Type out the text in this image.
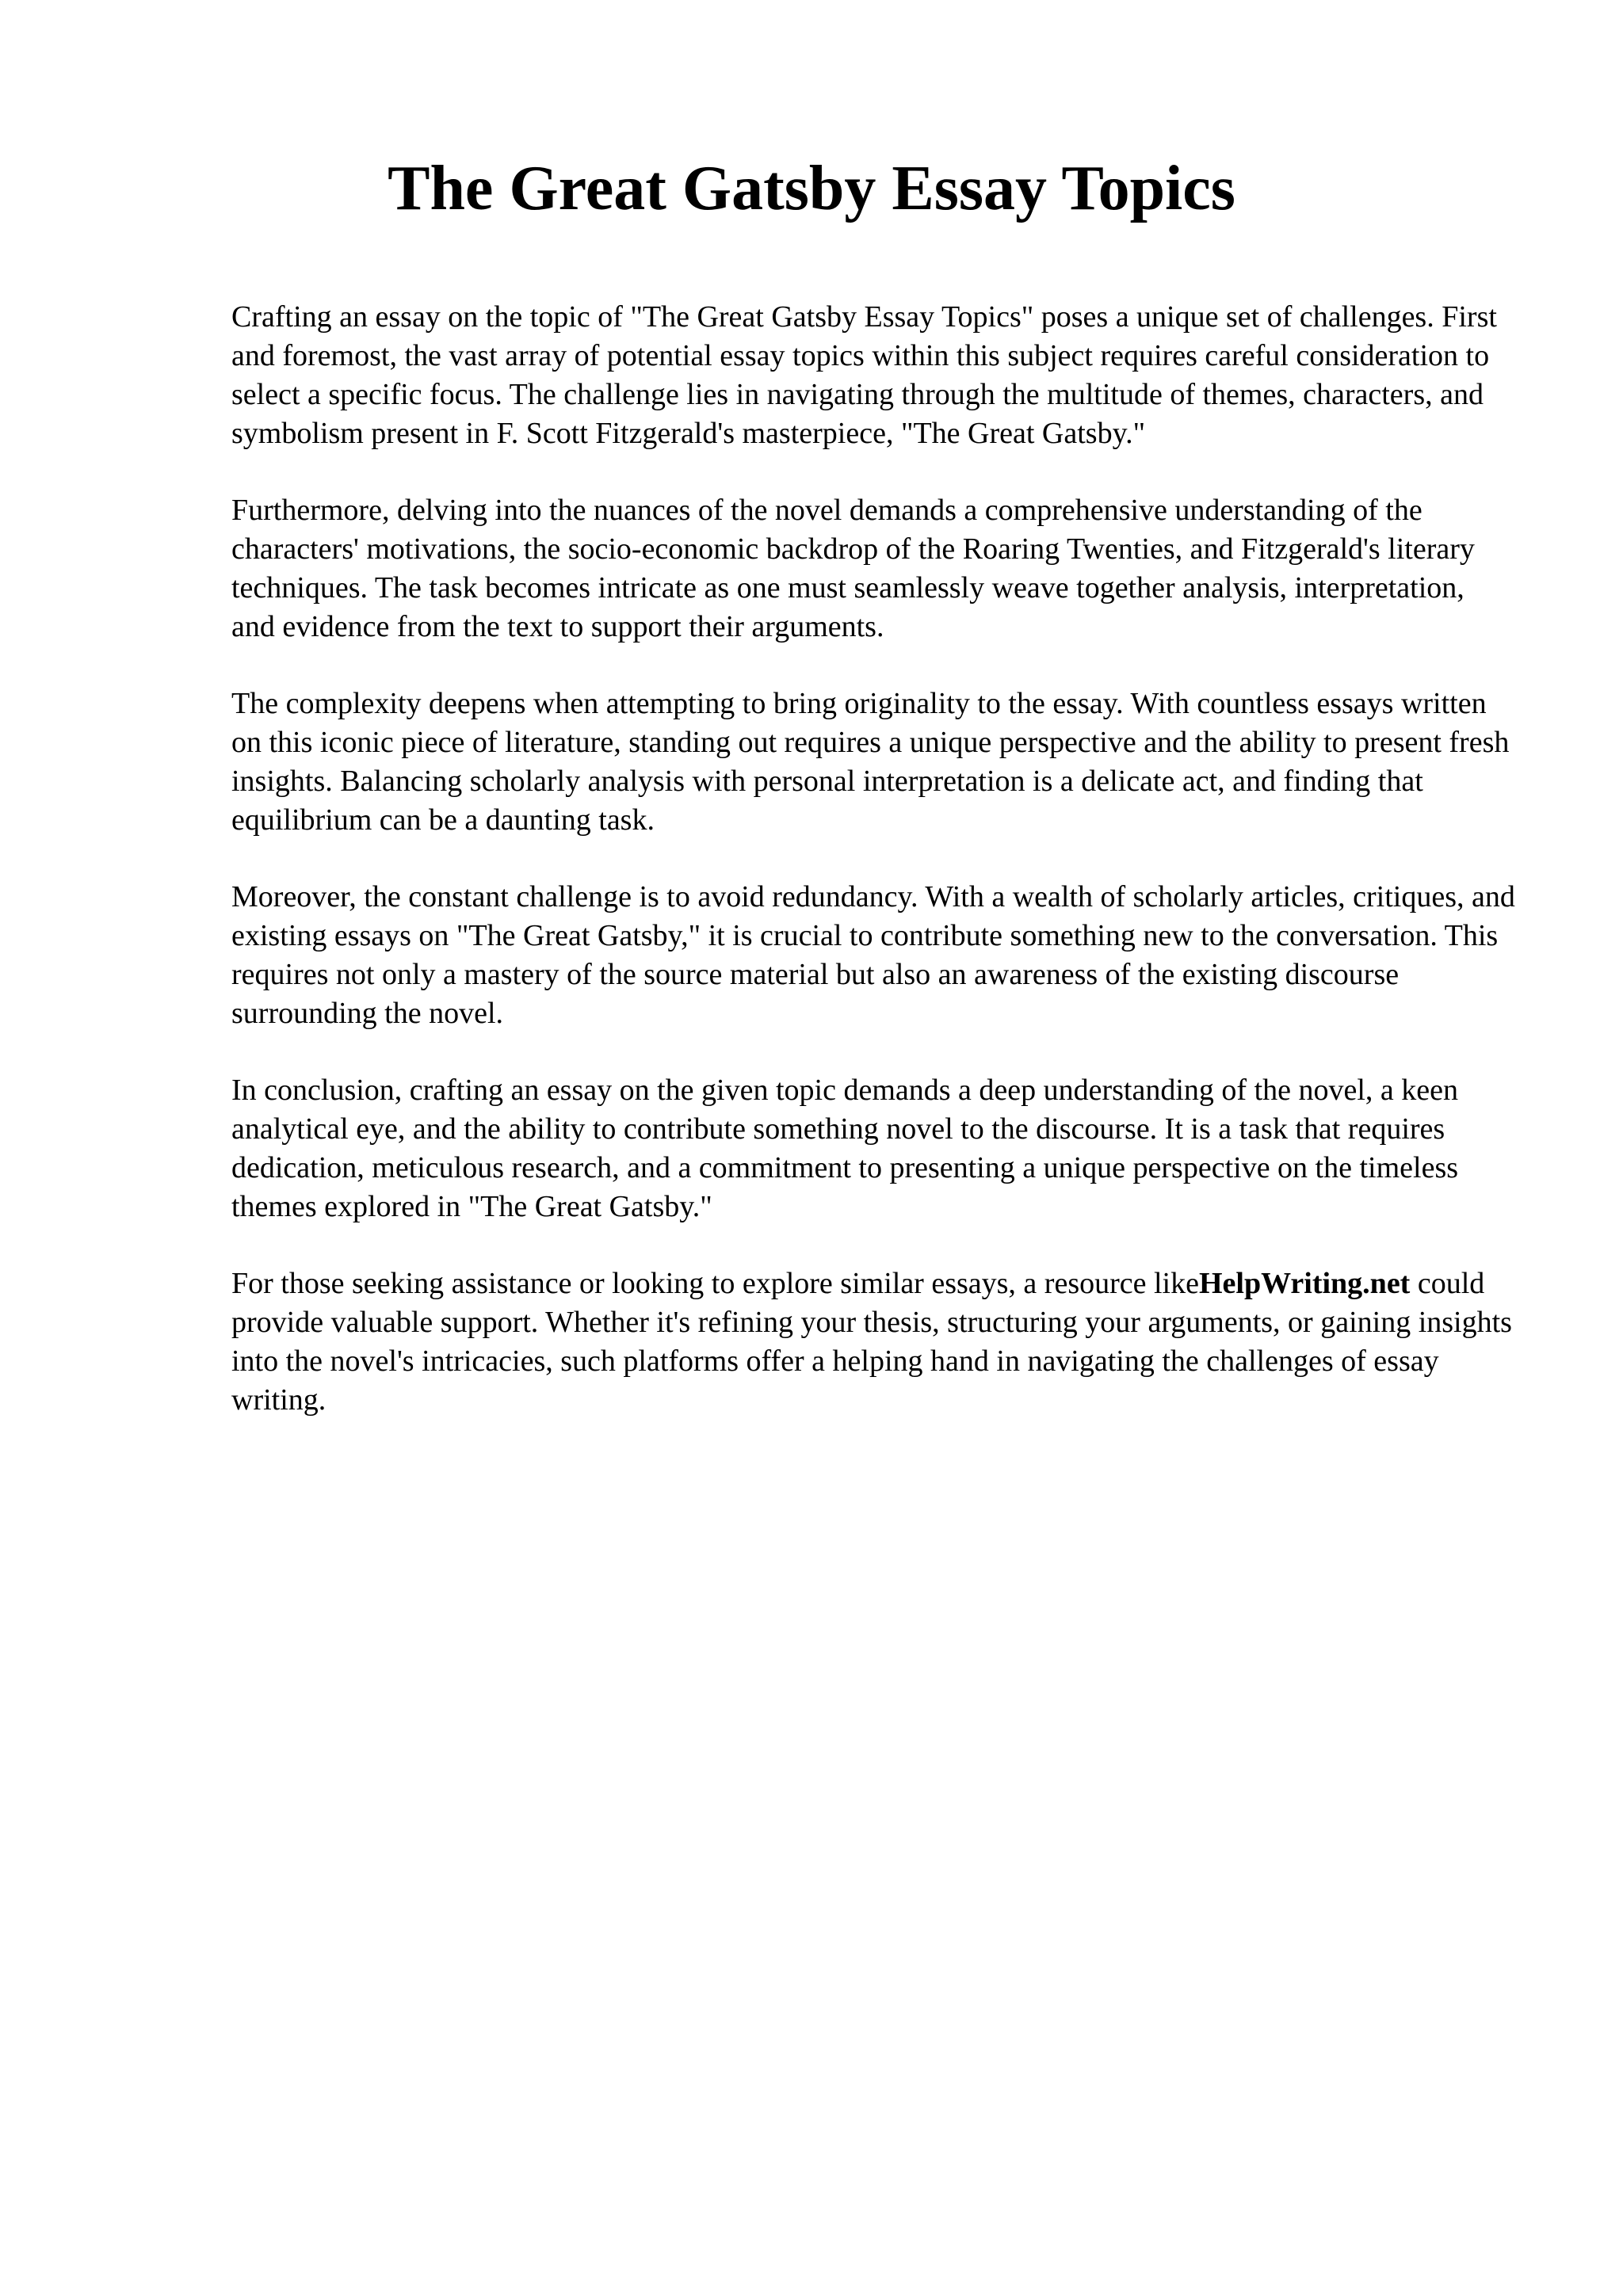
The Great Gatsby Essay Topics

Crafting an essay on the topic of "The Great Gatsby Essay Topics" poses a unique set of challenges. First and foremost, the vast array of potential essay topics within this subject requires careful consideration to select a specific focus. The challenge lies in navigating through the multitude of themes, characters, and symbolism present in F. Scott Fitzgerald's masterpiece, "The Great Gatsby."

Furthermore, delving into the nuances of the novel demands a comprehensive understanding of the characters' motivations, the socio-economic backdrop of the Roaring Twenties, and Fitzgerald's literary techniques. The task becomes intricate as one must seamlessly weave together analysis, interpretation, and evidence from the text to support their arguments.

The complexity deepens when attempting to bring originality to the essay. With countless essays written on this iconic piece of literature, standing out requires a unique perspective and the ability to present fresh insights. Balancing scholarly analysis with personal interpretation is a delicate act, and finding that equilibrium can be a daunting task.

Moreover, the constant challenge is to avoid redundancy. With a wealth of scholarly articles, critiques, and existing essays on "The Great Gatsby," it is crucial to contribute something new to the conversation. This requires not only a mastery of the source material but also an awareness of the existing discourse surrounding the novel.

In conclusion, crafting an essay on the given topic demands a deep understanding of the novel, a keen analytical eye, and the ability to contribute something novel to the discourse. It is a task that requires dedication, meticulous research, and a commitment to presenting a unique perspective on the timeless themes explored in "The Great Gatsby."

For those seeking assistance or looking to explore similar essays, a resource likeHelpWriting.net could provide valuable support. Whether it's refining your thesis, structuring your arguments, or gaining insights into the novel's intricacies, such platforms offer a helping hand in navigating the challenges of essay writing.
